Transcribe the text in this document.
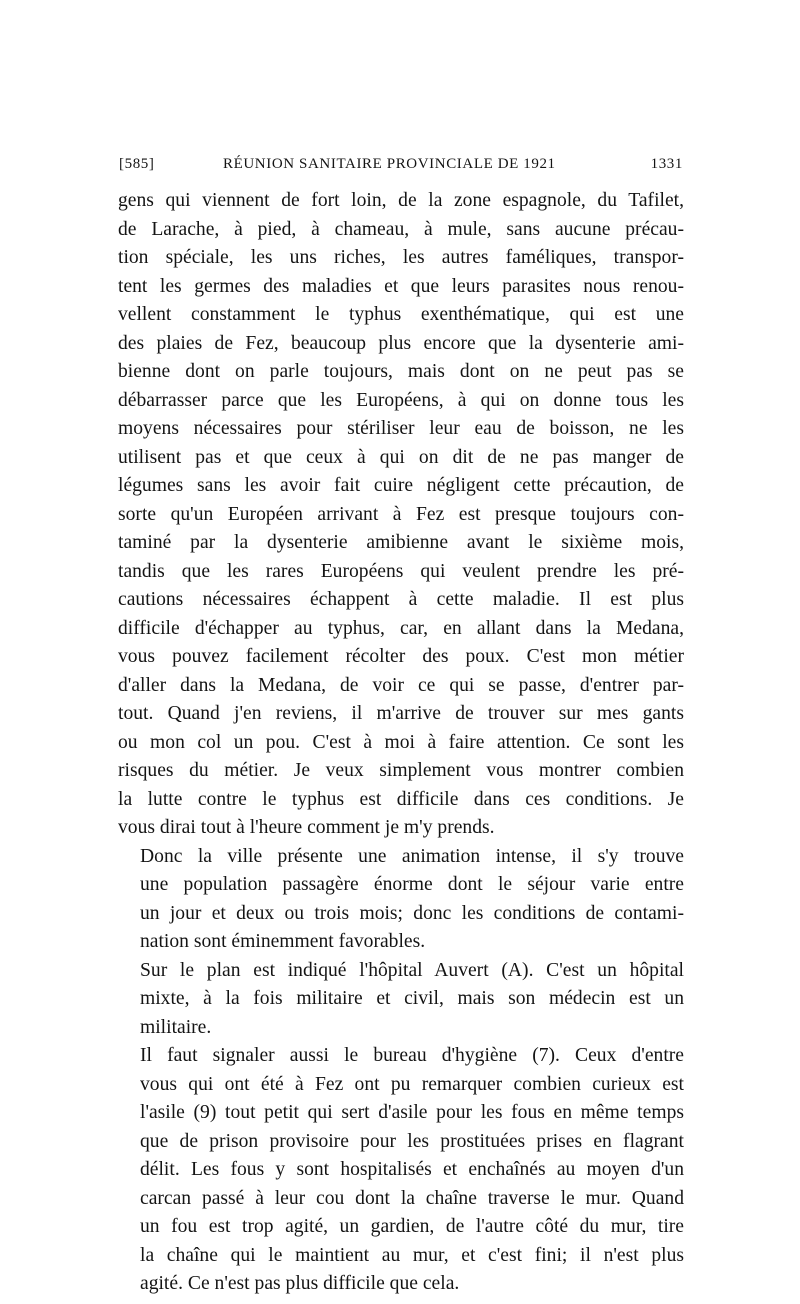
[585]	RÉUNION SANITAIRE PROVINCIALE DE 1921	1331

gens qui viennent de fort loin, de la zone espagnole, du Tafilet,
de Larache, à pied, à chameau, à mule, sans aucune précau-
tion spéciale, les uns riches, les autres faméliques, transpor-
tent les germes des maladies et que leurs parasites nous renou-
vellent constamment le typhus exenthématique, qui est une
des plaies de Fez, beaucoup plus encore que la dysenterie ami-
bienne dont on parle toujours, mais dont on ne peut pas se
débarrasser parce que les Européens, à qui on donne tous les
moyens nécessaires pour stériliser leur eau de boisson, ne les
utilisent pas et que ceux à qui on dit de ne pas manger de
légumes sans les avoir fait cuire négligent cette précaution, de
sorte qu'un Européen arrivant à Fez est presque toujours con-
taminé par la dysenterie amibienne avant le sixième mois,
tandis que les rares Européens qui veulent prendre les pré-
cautions nécessaires échappent à cette maladie. Il est plus
difficile d'échapper au typhus, car, en allant dans la Medana,
vous pouvez facilement récolter des poux. C'est mon métier
d'aller dans la Medana, de voir ce qui se passe, d'entrer par-
tout. Quand j'en reviens, il m'arrive de trouver sur mes gants
ou mon col un pou. C'est à moi à faire attention. Ce sont les
risques du métier. Je veux simplement vous montrer combien
la lutte contre le typhus est difficile dans ces conditions. Je
vous dirai tout à l'heure comment je m'y prends.

Donc la ville présente une animation intense, il s'y trouve
une population passagère énorme dont le séjour varie entre
un jour et deux ou trois mois; donc les conditions de contami-
nation sont éminemment favorables.

Sur le plan est indiqué l'hôpital Auvert (A). C'est un hôpital
mixte, à la fois militaire et civil, mais son médecin est un
militaire.

Il faut signaler aussi le bureau d'hygiène (7). Ceux d'entre
vous qui ont été à Fez ont pu remarquer combien curieux est
l'asile (9) tout petit qui sert d'asile pour les fous en même temps
que de prison provisoire pour les prostituées prises en flagrant
délit. Les fous y sont hospitalisés et enchaînés au moyen d'un
carcan passé à leur cou dont la chaîne traverse le mur. Quand
un fou est trop agité, un gardien, de l'autre côté du mur, tire
la chaîne qui le maintient au mur, et c'est fini; il n'est plus
agité. Ce n'est pas plus difficile que cela.
